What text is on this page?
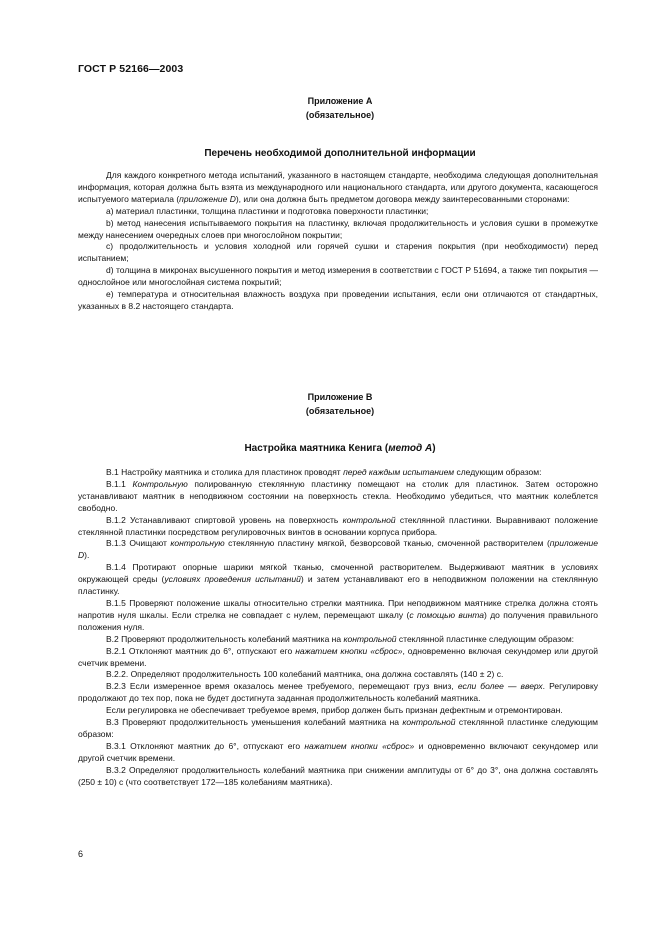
ГОСТ Р 52166—2003
Приложение А
(обязательное)
Перечень необходимой дополнительной информации

Для каждого конкретного метода испытаний, указанного в настоящем стандарте, необходима следующая дополнительная информация, которая должна быть взята из международного или национального стандарта, или другого документа, касающегося испытуемого материала (приложение D), или она должна быть предметом договора между заинтересованными сторонами:

а) материал пластинки, толщина пластинки и подготовка поверхности пластинки;

b) метод нанесения испытываемого покрытия на пластинку, включая продолжительность и условия сушки в промежутке между нанесением очередных слоев при многослойном покрытии;

с) продолжительность и условия холодной или горячей сушки и старения покрытия (при необходимости) перед испытанием;

d) толщина в микронах высушенного покрытия и метод измерения в соответствии с ГОСТ Р 51694, а также тип покрытия — однослойное или многослойная система покрытий;

е) температура и относительная влажность воздуха при проведении испытания, если они отличаются от стандартных, указанных в 8.2 настоящего стандарта.

Приложение В
(обязательное)
Настройка маятника Кенига (метод А)

В.1 Настройку маятника и столика для пластинок проводят перед каждым испытанием следующим образом:

В.1.1 Контрольную полированную стеклянную пластинку помещают на столик для пластинок. Затем осторожно устанавливают маятник в неподвижном состоянии на поверхность стекла. Необходимо убедиться, что маятник колеблется свободно.

В.1.2 Устанавливают спиртовой уровень на поверхность контрольной стеклянной пластинки. Выравнивают положение стеклянной пластинки посредством регулировочных винтов в основании корпуса прибора.

В.1.3 Очищают контрольную стеклянную пластину мягкой, безворсовой тканью, смоченной растворителем (приложение D).

В.1.4 Протирают опорные шарики мягкой тканью, смоченной растворителем. Выдерживают маятник в условиях окружающей среды (условиях проведения испытаний) и затем устанавливают его в неподвижном положении на стеклянную пластинку.

В.1.5 Проверяют положение шкалы относительно стрелки маятника. При неподвижном маятнике стрелка должна стоять напротив нуля шкалы. Если стрелка не совпадает с нулем, перемещают шкалу (с помощью винта) до получения правильного положения нуля.

В.2 Проверяют продолжительность колебаний маятника на контрольной стеклянной пластинке следующим образом:

В.2.1 Отклоняют маятник до 6°, отпускают его нажатием кнопки «сброс», одновременно включая секундомер или другой счетчик времени.

В.2.2. Определяют продолжительность 100 колебаний маятника, она должна составлять (140 ± 2) с.

В.2.3 Если измеренное время оказалось менее требуемого, перемещают груз вниз, если более — вверх. Регулировку продолжают до тех пор, пока не будет достигнута заданная продолжительность колебаний маятника.

Если регулировка не обеспечивает требуемое время, прибор должен быть признан дефектным и отремонтирован.

В.3 Проверяют продолжительность уменьшения колебаний маятника на контрольной стеклянной пластинке следующим образом:

В.3.1 Отклоняют маятник до 6°, отпускают его нажатием кнопки «сброс» и одновременно включают секундомер или другой счетчик времени.

В.3.2 Определяют продолжительность колебаний маятника при снижении амплитуды от 6° до 3°, она должна составлять (250 ± 10) с (что соответствует 172—185 колебаниям маятника).

6
